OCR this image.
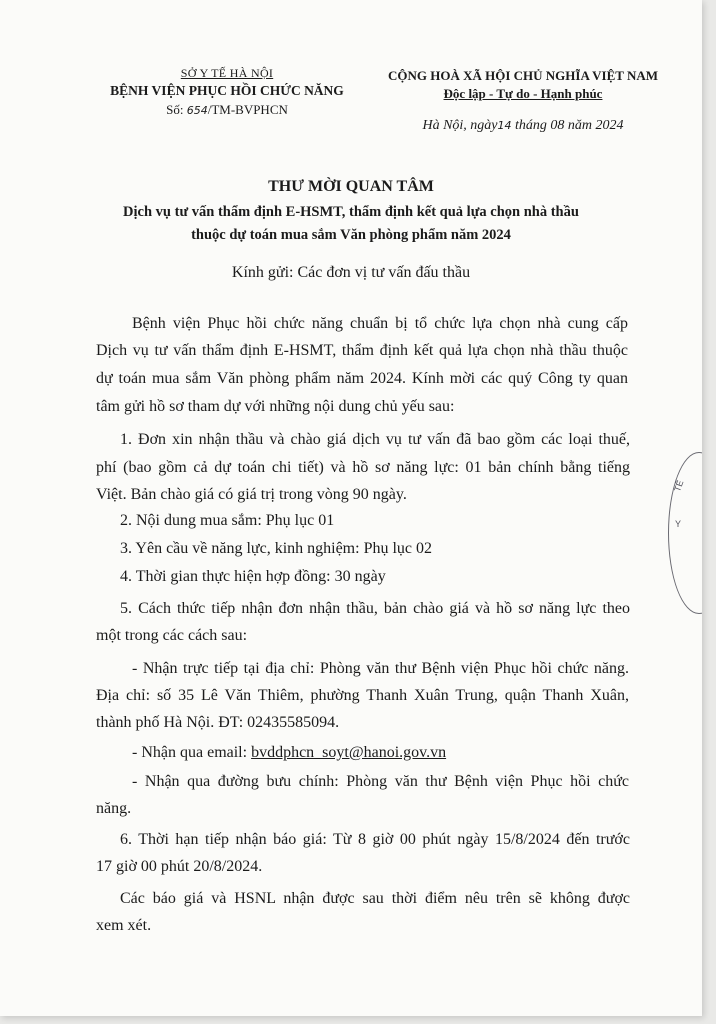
Y
TẾ
SỞ Y TẾ HÀ NỘI
BỆNH VIỆN PHỤC HỒI CHỨC NĂNG
Số: 654/TM-BVPHCN
CỘNG HOÀ XÃ HỘI CHỦ NGHĨA VIỆT NAM
Độc lập - Tự do - Hạnh phúc
Hà Nội, ngày14 tháng 08 năm 2024
THƯ MỜI QUAN TÂM
Dịch vụ tư vấn thẩm định E-HSMT, thẩm định kết quả lựa chọn nhà thầu
thuộc dự toán mua sắm Văn phòng phẩm năm 2024
Kính gửi: Các đơn vị tư vấn đấu thầu
Bệnh viện Phục hồi chức năng chuẩn bị tổ chức lựa chọn nhà cung cấp
Dịch vụ tư vấn thẩm định E-HSMT, thẩm định kết quả lựa chọn nhà thầu thuộc
dự toán mua sắm Văn phòng phẩm năm 2024. Kính mời các quý Công ty quan
tâm gửi hồ sơ tham dự với những nội dung chủ yếu sau:
1. Đơn xin nhận thầu và chào giá dịch vụ tư vấn đã bao gồm các loại thuế,
phí (bao gồm cả dự toán chi tiết) và hồ sơ năng lực: 01 bản chính bằng tiếng
Việt. Bản chào giá có giá trị trong vòng 90 ngày.
2. Nội dung mua sắm: Phụ lục 01
3. Yên cầu về năng lực, kinh nghiệm: Phụ lục 02
4. Thời gian thực hiện hợp đồng: 30 ngày
5. Cách thức tiếp nhận đơn nhận thầu, bản chào giá và hồ sơ năng lực theo
một trong các cách sau:
- Nhận trực tiếp tại địa chỉ: Phòng văn thư Bệnh viện Phục hồi chức năng.
Địa chỉ: số 35 Lê Văn Thiêm, phường Thanh Xuân Trung, quận Thanh Xuân,
thành phố Hà Nội. ĐT: 02435585094.
- Nhận qua email: bvddphcn_soyt@hanoi.gov.vn
- Nhận qua đường bưu chính: Phòng văn thư Bệnh viện Phục hồi chức
năng.
6. Thời hạn tiếp nhận báo giá: Từ 8 giờ 00 phút ngày 15/8/2024 đến trước
17 giờ 00 phút 20/8/2024.
Các báo giá và HSNL nhận được sau thời điểm nêu trên sẽ không được
xem xét.
